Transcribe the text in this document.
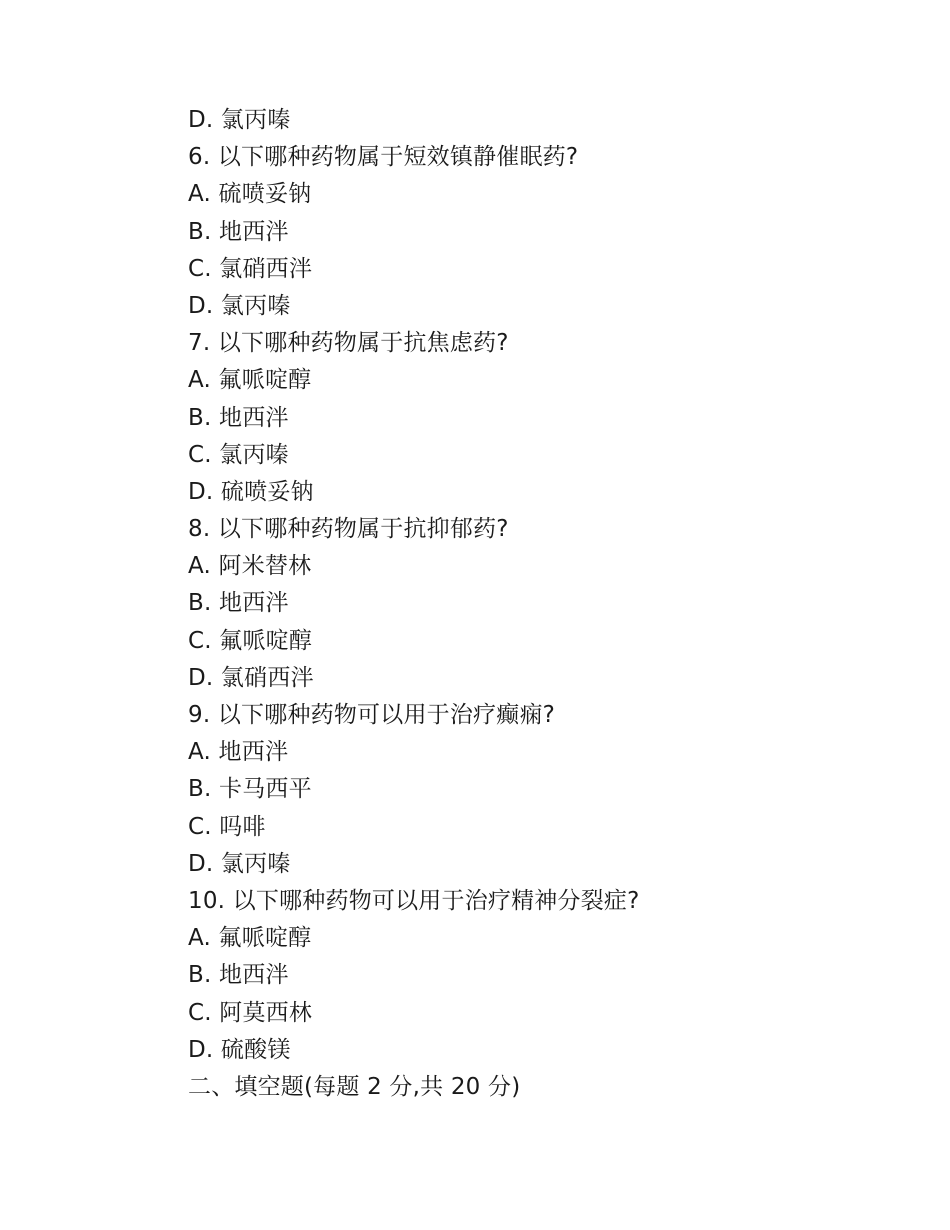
D. 氯丙嗪
6. 以下哪种药物属于短效镇静催眠药?
A. 硫喷妥钠
B. 地西泮
C. 氯硝西泮
D. 氯丙嗪
7. 以下哪种药物属于抗焦虑药?
A. 氟哌啶醇
B. 地西泮
C. 氯丙嗪
D. 硫喷妥钠
8. 以下哪种药物属于抗抑郁药?
A. 阿米替林
B. 地西泮
C. 氟哌啶醇
D. 氯硝西泮
9. 以下哪种药物可以用于治疗癫痫?
A. 地西泮
B. 卡马西平
C. 吗啡
D. 氯丙嗪
10. 以下哪种药物可以用于治疗精神分裂症?
A. 氟哌啶醇
B. 地西泮
C. 阿莫西林
D. 硫酸镁
二、填空题(每题 2 分,共 20 分)
